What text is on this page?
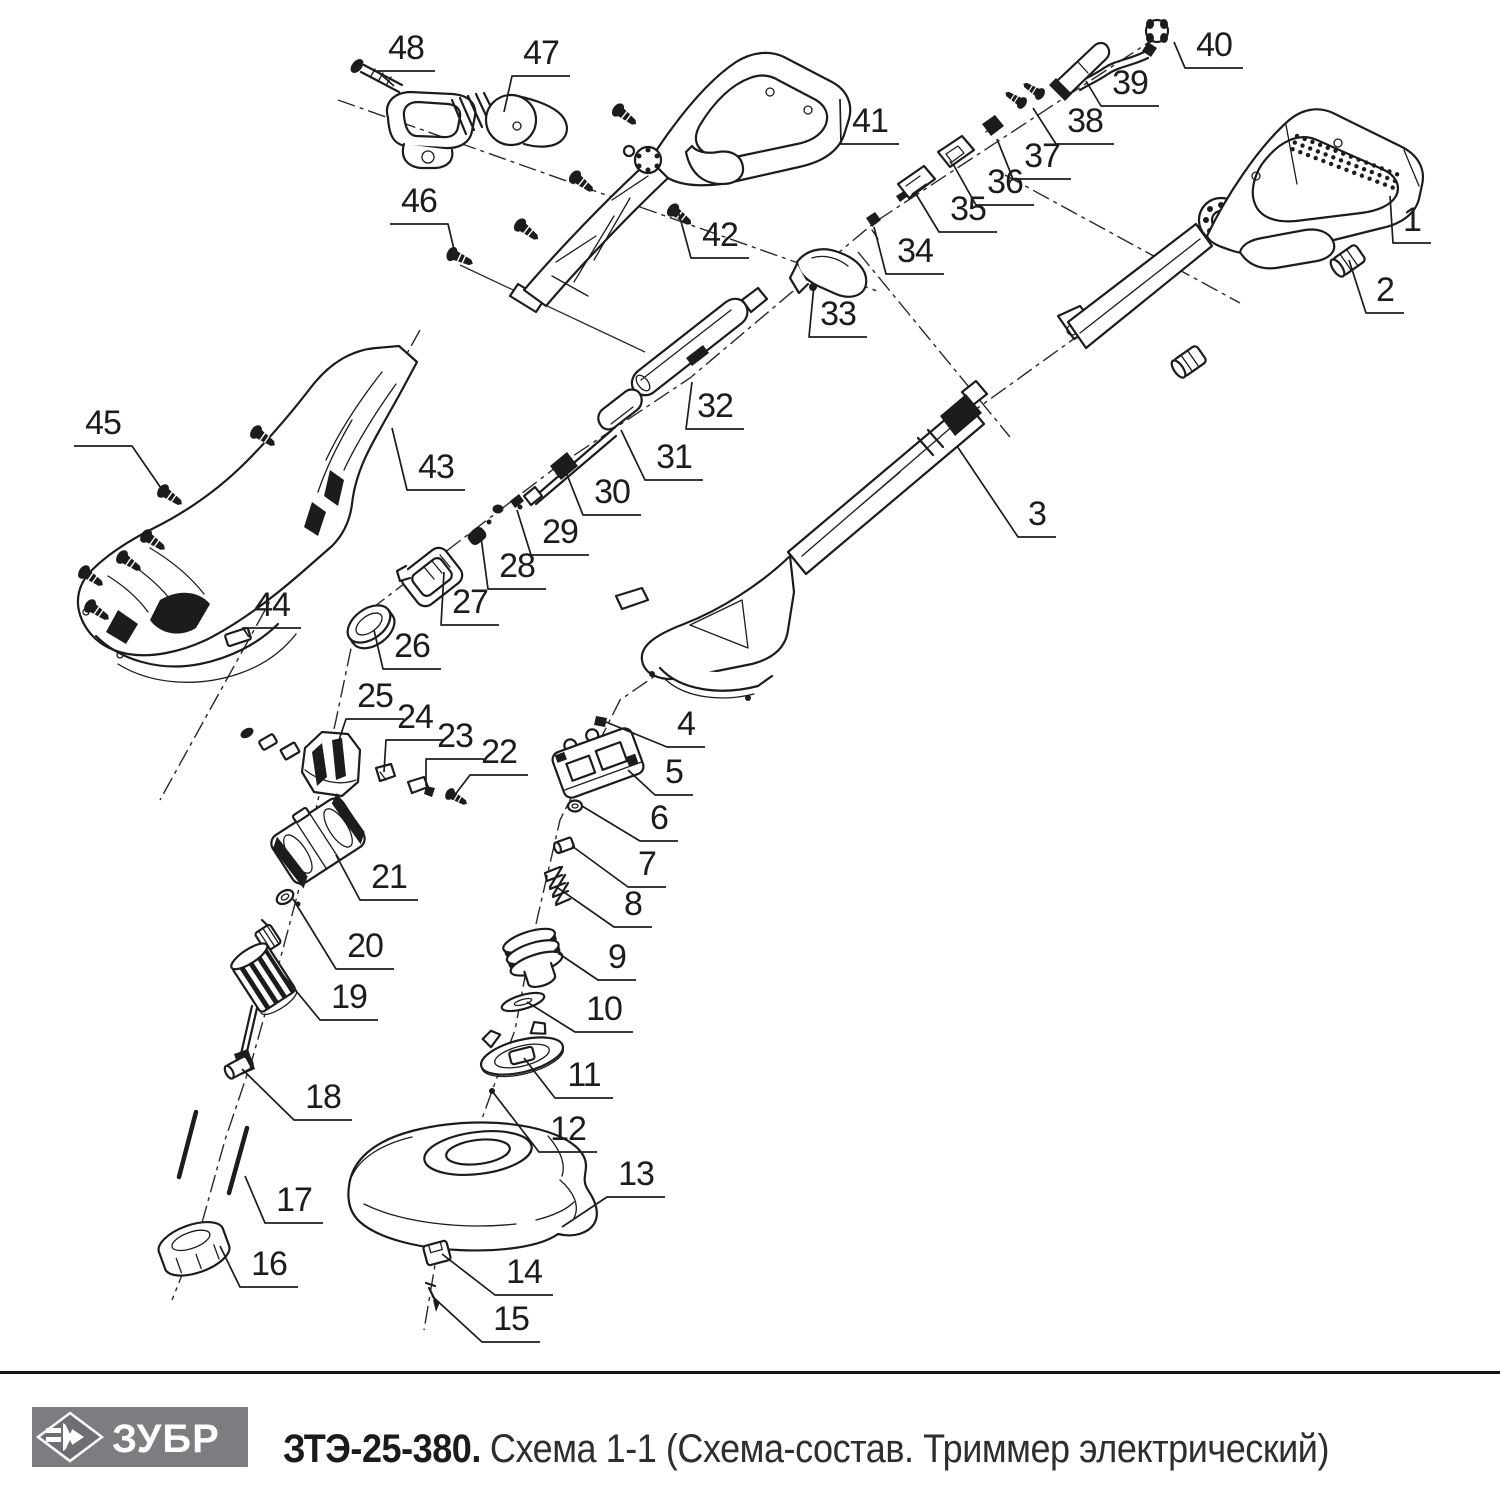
1
2
3
4
5
6
7
8
9
10
11
12
13
14
15
16
17
18
19
20
21
22
23
24
25
26
27
28
29
30
31
32
33
34
35
36
37
38
39
40
41
42
43
44
45
46
47
48
ЗУБР ЗТЭ-25-380. Схема 1-1 (Схема-состав. Триммер электрический)
